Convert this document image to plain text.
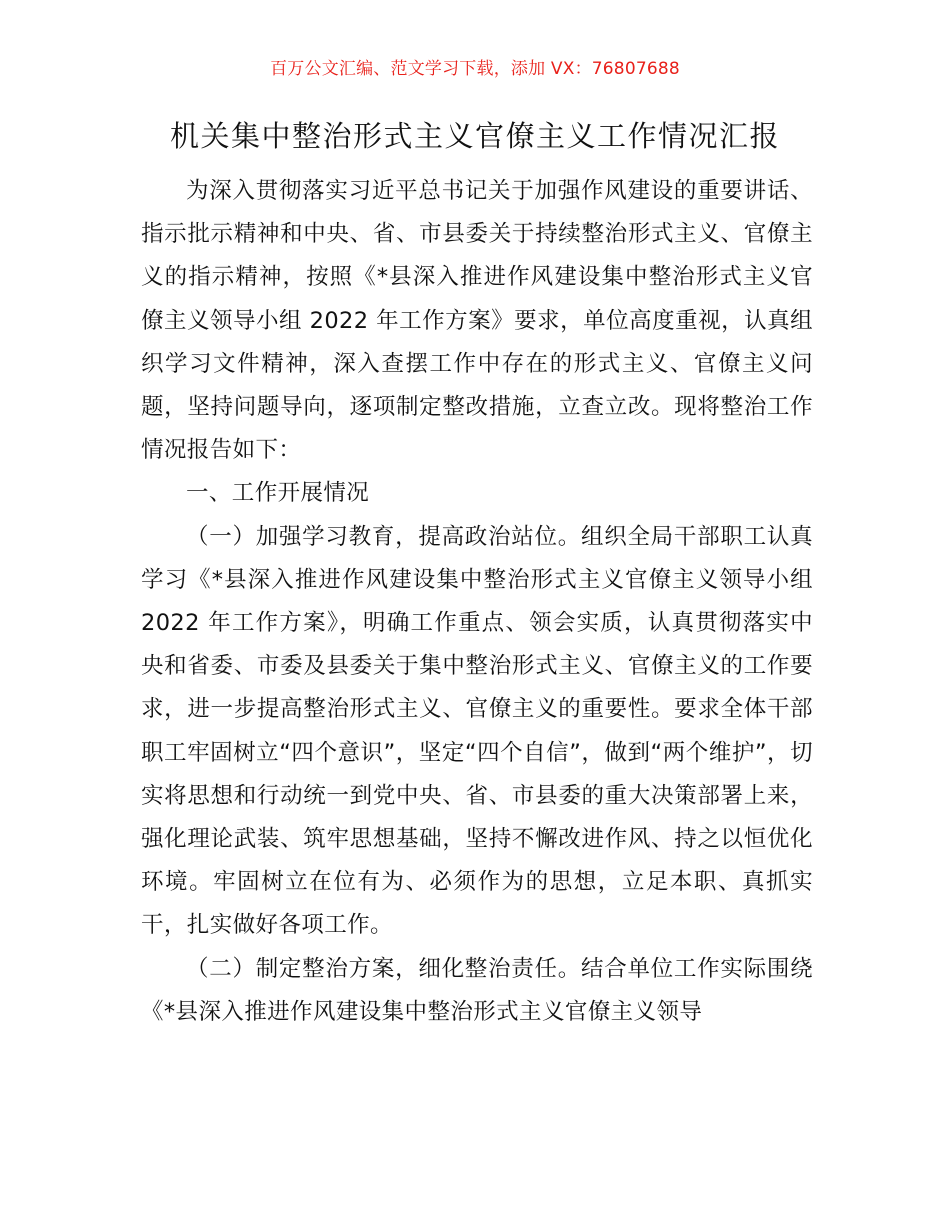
百万公文汇编、范文学习下载，添加 VX：76807688
机关集中整治形式主义官僚主义工作情况汇报

为深入贯彻落实习近平总书记关于加强作风建设的重要讲话、指示批示精神和中央、省、市县委关于持续整治形式主义、官僚主义的指示精神，按照《*县深入推进作风建设集中整治形式主义官僚主义领导小组 2022 年工作方案》要求，单位高度重视，认真组织学习文件精神，深入查摆工作中存在的形式主义、官僚主义问题，坚持问题导向，逐项制定整改措施，立查立改。现将整治工作情况报告如下：

一、工作开展情况

（一）加强学习教育，提高政治站位。组织全局干部职工认真学习《*县深入推进作风建设集中整治形式主义官僚主义领导小组 2022 年工作方案》，明确工作重点、领会实质，认真贯彻落实中央和省委、市委及县委关于集中整治形式主义、官僚主义的工作要求，进一步提高整治形式主义、官僚主义的重要性。要求全体干部职工牢固树立“四个意识”，坚定“四个自信”，做到“两个维护”，切实将思想和行动统一到党中央、省、市县委的重大决策部署上来，强化理论武装、筑牢思想基础，坚持不懈改进作风、持之以恒优化环境。牢固树立在位有为、必须作为的思想，立足本职、真抓实干，扎实做好各项工作。

（二）制定整治方案，细化整治责任。结合单位工作实际围绕《*县深入推进作风建设集中整治形式主义官僚主义领导
